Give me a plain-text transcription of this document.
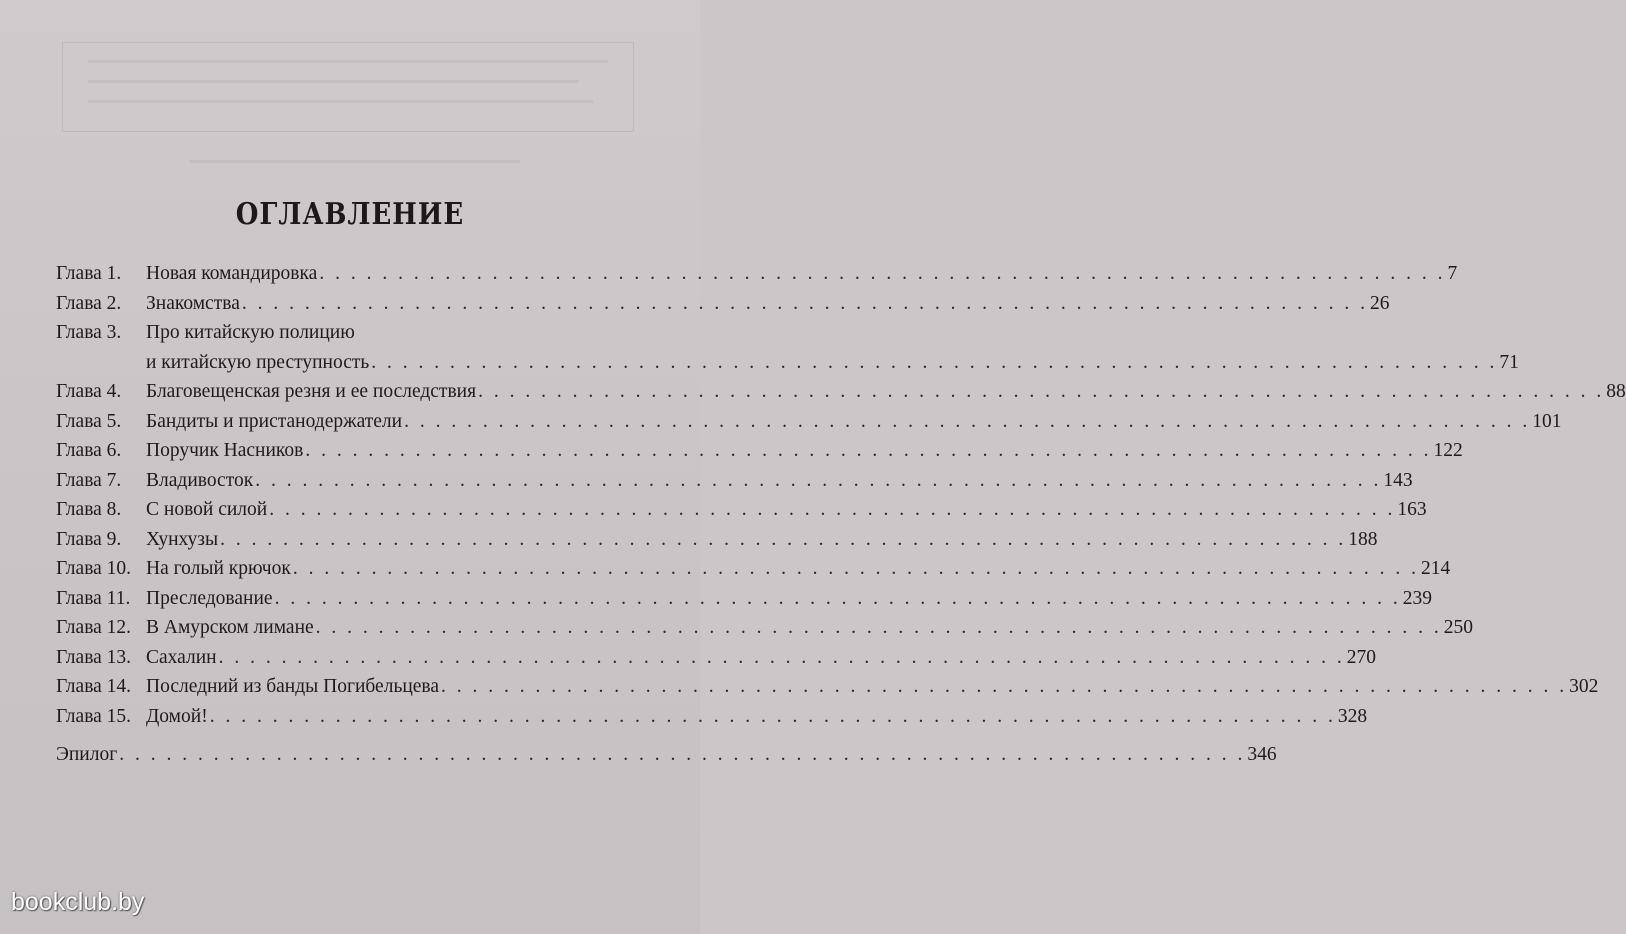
ОГЛАВЛЕНИЕ
Глава 1.	Новая командировка . . . . . . . . . . . . . . . . . . . . . . . . . . . . . . . . . . . . . . . . . . . . . . . . . . . . . . . . . . . . . . . . . . . . . . . . 7
Глава 2.	Знакомства . . . . . . . . . . . . . . . . . . . . . . . . . . . . . . . . . . . . . . . . . . . . . . . . . . . . . . . . . . . . . . . . . . . . . . . . 26
Глава 3.	Про китайскую полицию
и китайскую преступность . . . . . . . . . . . . . . . . . . . . . . . . . . . . . . . . . . . . . . . . . . . . . . . . . . . . . . . . . . . . . . . . . . . . . . . . 71
Глава 4.	Благовещенская резня и ее последствия . . . . . . . . . . . . . . . . . . . . . . . . . . . . . . . . . . . . . . . . . . . . . . . . . . . . . . . . . . . . . . . . . . . . . . . . 88
Глава 5.	Бандиты и пристанодержатели . . . . . . . . . . . . . . . . . . . . . . . . . . . . . . . . . . . . . . . . . . . . . . . . . . . . . . . . . . . . . . . . . . . . . . . . 101
Глава 6.	Поручик Насников . . . . . . . . . . . . . . . . . . . . . . . . . . . . . . . . . . . . . . . . . . . . . . . . . . . . . . . . . . . . . . . . . . . . . . . . 122
Глава 7.	Владивосток . . . . . . . . . . . . . . . . . . . . . . . . . . . . . . . . . . . . . . . . . . . . . . . . . . . . . . . . . . . . . . . . . . . . . . . . 143
Глава 8.	С новой силой . . . . . . . . . . . . . . . . . . . . . . . . . . . . . . . . . . . . . . . . . . . . . . . . . . . . . . . . . . . . . . . . . . . . . . . . 163
Глава 9.	Хунхузы . . . . . . . . . . . . . . . . . . . . . . . . . . . . . . . . . . . . . . . . . . . . . . . . . . . . . . . . . . . . . . . . . . . . . . . . 188
Глава 10. На голый крючок . . . . . . . . . . . . . . . . . . . . . . . . . . . . . . . . . . . . . . . . . . . . . . . . . . . . . . . . . . . . . . . . . . . . . . . . 214
Глава 11. Преследование . . . . . . . . . . . . . . . . . . . . . . . . . . . . . . . . . . . . . . . . . . . . . . . . . . . . . . . . . . . . . . . . . . . . . . . . 239
Глава 12. В Амурском лимане . . . . . . . . . . . . . . . . . . . . . . . . . . . . . . . . . . . . . . . . . . . . . . . . . . . . . . . . . . . . . . . . . . . . . . . . 250
Глава 13. Сахалин . . . . . . . . . . . . . . . . . . . . . . . . . . . . . . . . . . . . . . . . . . . . . . . . . . . . . . . . . . . . . . . . . . . . . . . . 270
Глава 14. Последний из банды Погибельцева . . . . . . . . . . . . . . . . . . . . . . . . . . . . . . . . . . . . . . . . . . . . . . . . . . . . . . . . . . . . . . . . . . . . . . . . 302
Глава 15. Домой! . . . . . . . . . . . . . . . . . . . . . . . . . . . . . . . . . . . . . . . . . . . . . . . . . . . . . . . . . . . . . . . . . . . . . . . . 328
Эпилог . . . . . . . . . . . . . . . . . . . . . . . . . . . . . . . . . . . . . . . . . . . . . . . . . . . . . . . . . . . . . . . . . . . . . . . . 346
bookclub.by
